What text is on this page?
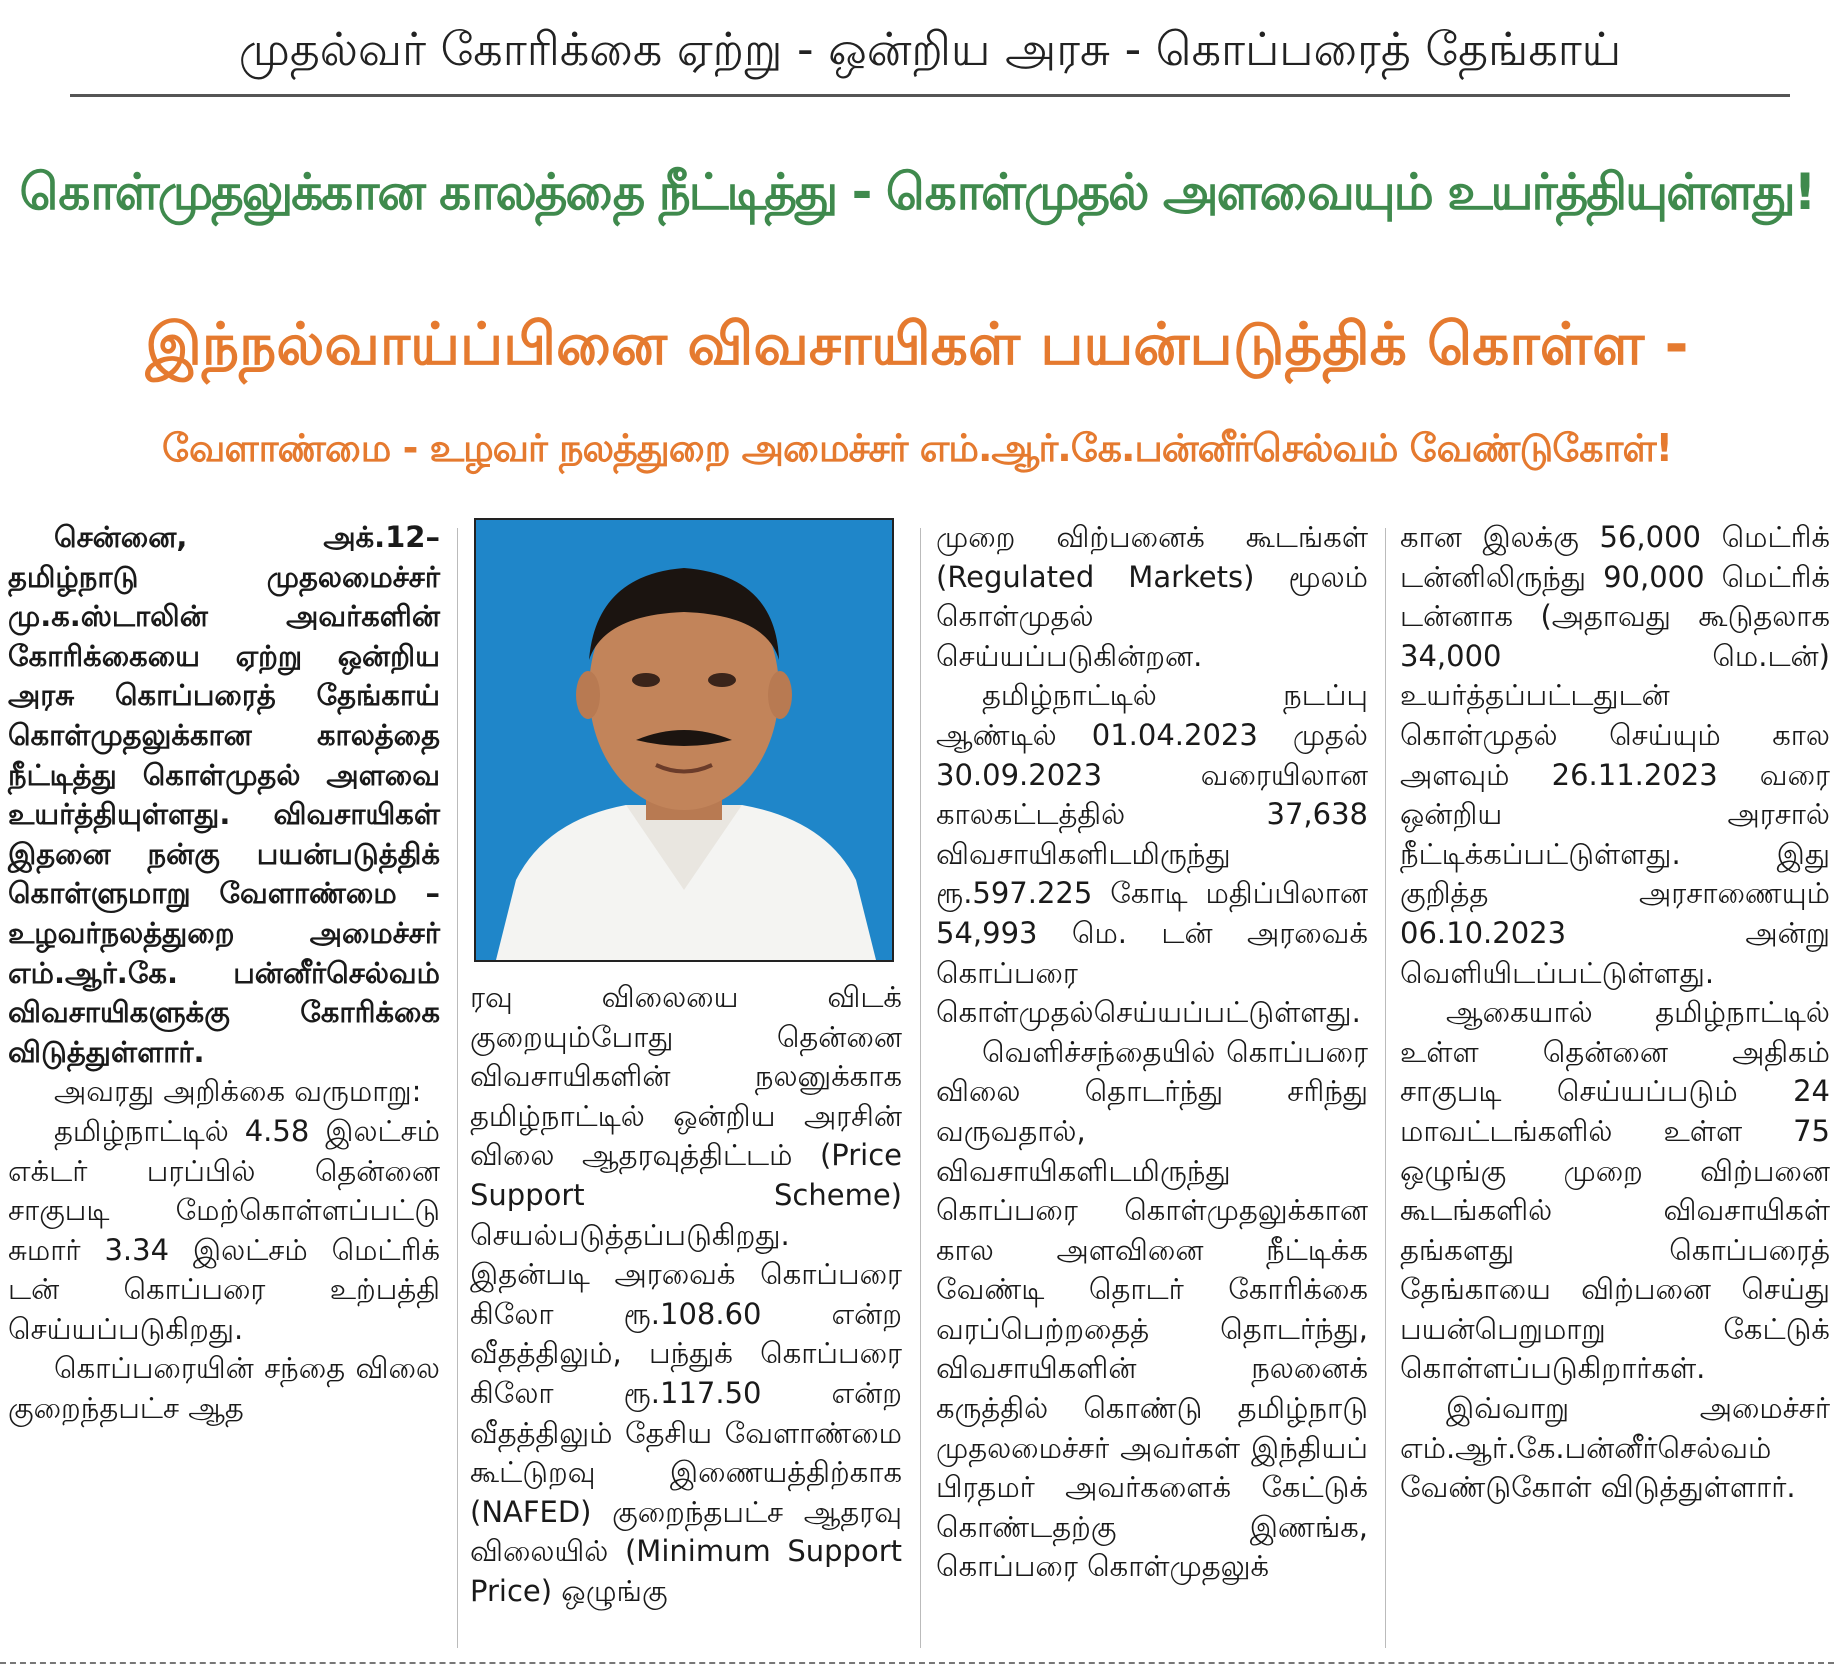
முதல்வர் கோரிக்கை ஏற்று - ஒன்றிய அரசு - கொப்பரைத் தேங்காய்
கொள்முதலுக்கான காலத்தை நீட்டித்து - கொள்முதல் அளவையும் உயர்த்தியுள்ளது!
இந்நல்வாய்ப்பினை விவசாயிகள் பயன்படுத்திக் கொள்ள -
வேளாண்மை - உழவர் நலத்துறை அமைச்சர் எம்.ஆர்.கே.பன்னீர்செல்வம் வேண்டுகோள்!

சென்னை, அக்.12– தமிழ்நாடு முதலமைச்சர் மு.க.ஸ்டாலின் அவர்களின் கோரிக்கையை ஏற்று ஒன்றிய அரசு கொப்பரைத் தேங்காய் கொள்முதலுக்கான காலத்தை நீட்டித்து கொள்முதல் அளவை உயர்த்தியுள்ளது. விவசாயிகள் இதனை நன்கு பயன்படுத்திக் கொள்ளுமாறு வேளாண்மை – உழவர்நலத்துறை அமைச்சர் எம்.ஆர்.கே. பன்னீர்செல்வம் விவசாயிகளுக்கு கோரிக்கை விடுத்துள்ளார்.

அவரது அறிக்கை வருமாறு:

தமிழ்நாட்டில் 4.58 இலட்சம் எக்டர் பரப்பில் தென்னை சாகுபடி மேற்கொள்ளப்பட்டு சுமார் 3.34 இலட்சம் மெட்ரிக் டன் கொப்பரை உற்பத்தி செய்யப்படுகிறது.

கொப்பரையின் சந்தை விலை குறைந்தபட்ச ஆத

ரவு விலையை விடக் குறையும்போது தென்னை விவசாயிகளின் நலனுக்காக தமிழ்நாட்டில் ஒன்றிய அரசின் விலை ஆதரவுத்திட்டம் (Price Support Scheme) செயல்படுத்தப்படுகிறது. இதன்படி அரவைக் கொப்பரை கிலோ ரூ.108.60 என்ற வீதத்திலும், பந்துக் கொப்பரை கிலோ ரூ.117.50 என்ற வீதத்திலும் தேசிய வேளாண்மை கூட்டுறவு இணையத்திற்காக (NAFED) குறைந்தபட்ச ஆதரவு விலையில் (Minimum Support Price) ஒழுங்கு

முறை விற்பனைக் கூடங்கள் (Regulated Markets) மூலம் கொள்முதல் செய்யப்படுகின்றன.

தமிழ்நாட்டில் நடப்பு ஆண்டில் 01.04.2023 முதல் 30.09.2023 வரையிலான காலகட்டத்தில் 37,638 விவசாயிகளிடமிருந்து ரூ.597.225 கோடி மதிப்பிலான 54,993 மெ. டன் அரவைக் கொப்பரை கொள்முதல்செய்யப்பட்டுள்ளது.

வெளிச்சந்தையில் கொப்பரை விலை தொடர்ந்து சரிந்து வருவதால், விவசாயிகளிடமிருந்து கொப்பரை கொள்முதலுக்கான கால அளவினை நீட்டிக்க வேண்டி தொடர் கோரிக்கை வரப்பெற்றதைத் தொடர்ந்து, விவசாயிகளின் நலனைக் கருத்தில் கொண்டு தமிழ்நாடு முதலமைச்சர் அவர்கள் இந்தியப் பிரதமர் அவர்களைக் கேட்டுக் கொண்டதற்கு இணங்க, கொப்பரை கொள்முதலுக்

கான இலக்கு 56,000 மெட்ரிக் டன்னிலிருந்து 90,000 மெட்ரிக் டன்னாக (அதாவது கூடுதலாக 34,000 மெ.டன்) உயர்த்தப்பட்டதுடன் கொள்முதல் செய்யும் கால அளவும் 26.11.2023 வரை ஒன்றிய அரசால் நீட்டிக்கப்பட்டுள்ளது. இது குறித்த அரசாணையும் 06.10.2023 அன்று வெளியிடப்பட்டுள்ளது.

ஆகையால் தமிழ்நாட்டில் உள்ள தென்னை அதிகம் சாகுபடி செய்யப்படும் 24 மாவட்டங்களில் உள்ள 75 ஒழுங்கு முறை விற்பனை கூடங்களில் விவசாயிகள் தங்களது கொப்பரைத் தேங்காயை விற்பனை செய்து பயன்பெறுமாறு கேட்டுக் கொள்ளப்படுகிறார்கள்.

இவ்வாறு அமைச்சர் எம்.ஆர்.கே.பன்னீர்செல்வம் வேண்டுகோள் விடுத்துள்ளார்.
